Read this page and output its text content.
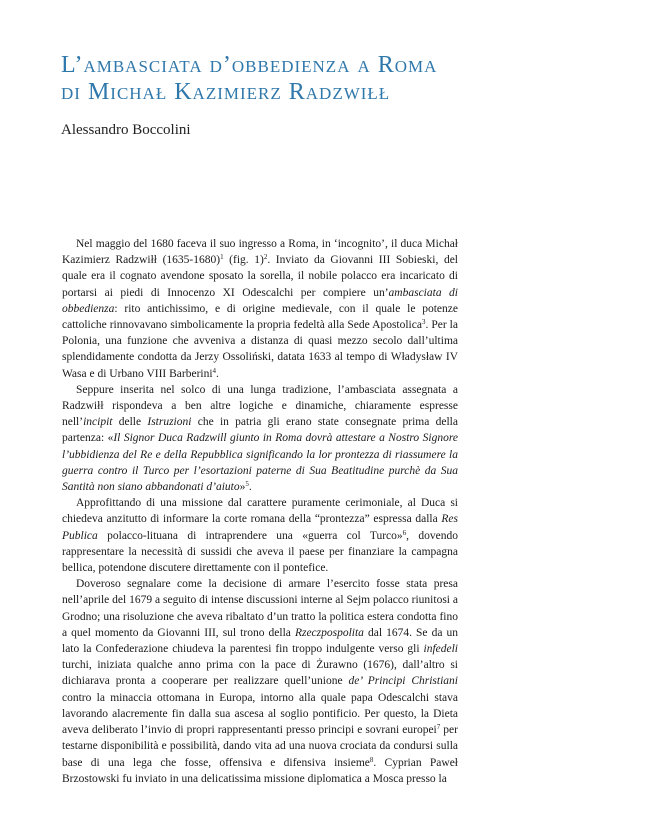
L’ambasciata d’obbedienza a Roma
di Michał Kazimierz Radzwiłł
Alessandro Boccolini

Nel maggio del 1680 faceva il suo ingresso a Roma, in ‘incognito’, il duca Michał Kazimierz Radzwiłł (1635-1680)$^1$ (fig. 1)$^2$. Inviato da Giovanni III Sobieski, del quale era il cognato avendone sposato la sorella, il nobile polacco era incaricato di portarsi ai piedi di Innocenzo XI Odescalchi per compiere un’ambasciata di obbedienza: rito antichissimo, e di origine medievale, con il quale le potenze cattoliche rinnovavano simbolicamente la propria fedeltà alla Sede Apostolica$^3$. Per la Polonia, una funzione che avveniva a distanza di quasi mezzo secolo dall’ultima splendidamente condotta da Jerzy Ossoliński, datata 1633 al tempo di Władysław IV Wasa e di Urbano VIII Barberini$^4$.

Seppure inserita nel solco di una lunga tradizione, l’ambasciata assegnata a Radzwiłł rispondeva a ben altre logiche e dinamiche, chiaramente espresse nell’incipit delle Istruzioni che in patria gli erano state consegnate prima della partenza: «Il Signor Duca Radzwill giunto in Roma dovrà attestare a Nostro Signore l’ubbidienza del Re e della Repubblica significando la lor prontezza di riassumere la guerra contro il Turco per l’esortazioni paterne di Sua Beatitudine purchè da Sua Santità non siano abbandonati d’aiuto»$^5$.

Approfittando di una missione dal carattere puramente cerimoniale, al Duca si chiedeva anzitutto di informare la corte romana della “prontezza” espressa dalla Res Publica polacco-lituana di intraprendere una «guerra col Turco»$^6$, dovendo rappresentare la necessità di sussidi che aveva il paese per finanziare la campagna bellica, potendone discutere direttamente con il pontefice.

Doveroso segnalare come la decisione di armare l’esercito fosse stata presa nell’aprile del 1679 a seguito di intense discussioni interne al Sejm polacco riunitosi a Grodno; una risoluzione che aveva ribaltato d’un tratto la politica estera condotta fino a quel momento da Giovanni III, sul trono della Rzeczpospolita dal 1674. Se da un lato la Confederazione chiudeva la parentesi fin troppo indulgente verso gli infedeli turchi, iniziata qualche anno prima con la pace di Żurawno (1676), dall’altro si dichiarava pronta a cooperare per realizzare quell’unione de’ Principi Christiani contro la minaccia ottomana in Europa, intorno alla quale papa Odescalchi stava lavorando alacremente fin dalla sua ascesa al soglio pontificio. Per questo, la Dieta aveva deliberato l’invio di propri rappresentanti presso principi e sovrani europei$^7$ per testarne disponibilità e possibilità, dando vita ad una nuova crociata da condursi sulla base di una lega che fosse, offensiva e difensiva insieme$^8$. Cyprian Paweł Brzostowski fu inviato in una delicatissima missione diplomatica a Mosca presso la
